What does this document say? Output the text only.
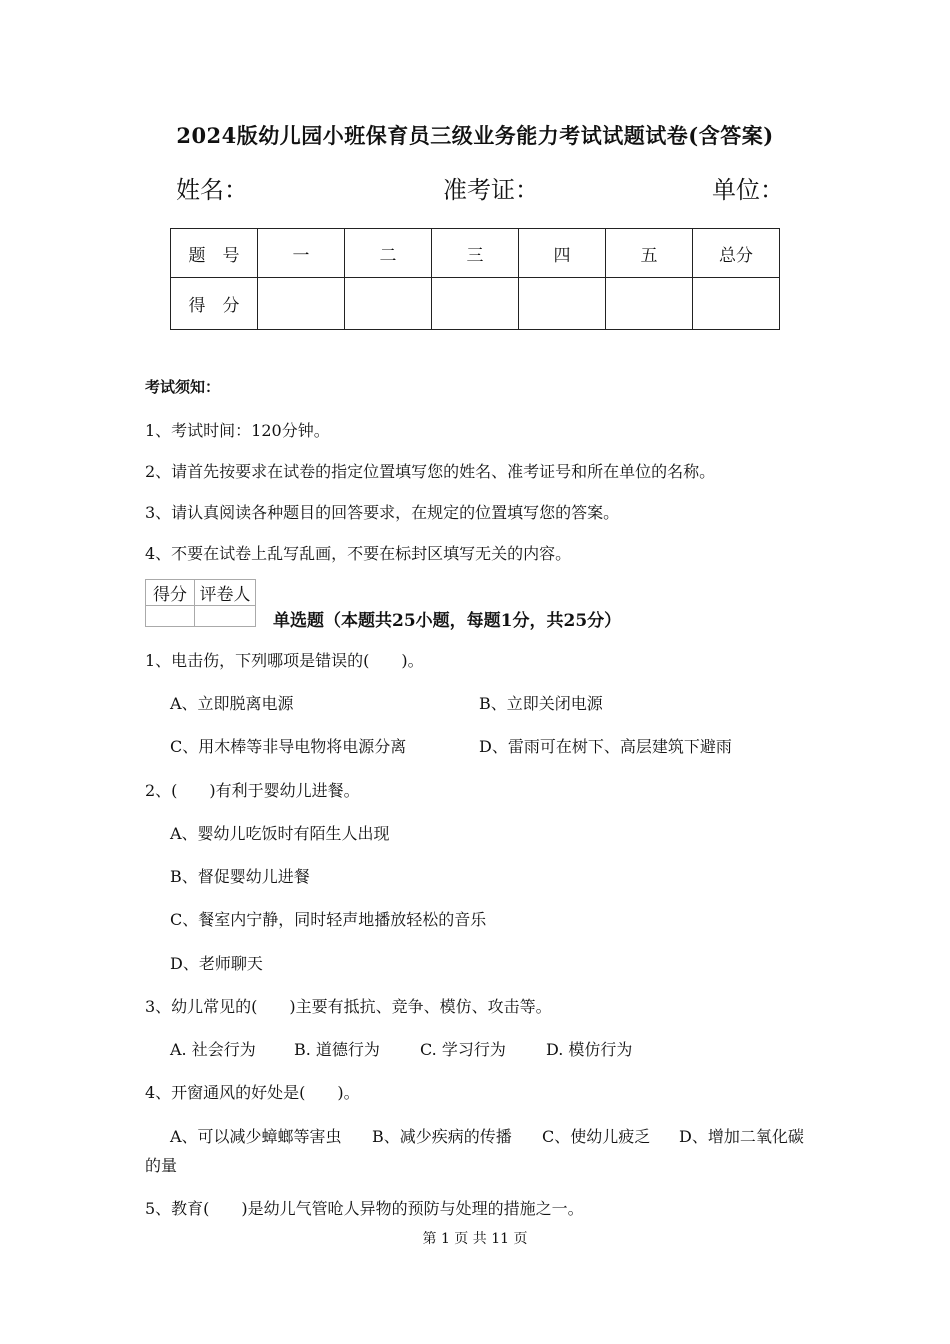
2024版幼儿园小班保育员三级业务能力考试试题试卷(含答案)
姓名：	准考证：	单位：
题　号	一	二	三	四	五	总分
得　分						
考试须知：
1、考试时间：120分钟。
2、请首先按要求在试卷的指定位置填写您的姓名、准考证号和所在单位的名称。
3、请认真阅读各种题目的回答要求，在规定的位置填写您的答案。
4、不要在试卷上乱写乱画，不要在标封区填写无关的内容。
得分	评卷人

单选题（本题共25小题，每题1分，共25分）
1、电击伤，下列哪项是错误的(　　)。
A、立即脱离电源	B、立即关闭电源
C、用木棒等非导电物将电源分离	D、雷雨可在树下、高层建筑下避雨
2、(　　)有利于婴幼儿进餐。
A、婴幼儿吃饭时有陌生人出现
B、督促婴幼儿进餐
C、餐室内宁静，同时轻声地播放轻松的音乐
D、老师聊天
3、幼儿常见的(　　)主要有抵抗、竞争、模仿、攻击等。
A. 社会行为 B. 道德行为	C. 学习行为	D. 模仿行为
4、开窗通风的好处是(　　)。
A、可以减少蟑螂等害虫 B、减少疾病的传播 C、使幼儿疲乏 D、增加二氧化碳
的量
5、教育(　　)是幼儿气管呛人异物的预防与处理的措施之一。
第 1 页 共 11 页
